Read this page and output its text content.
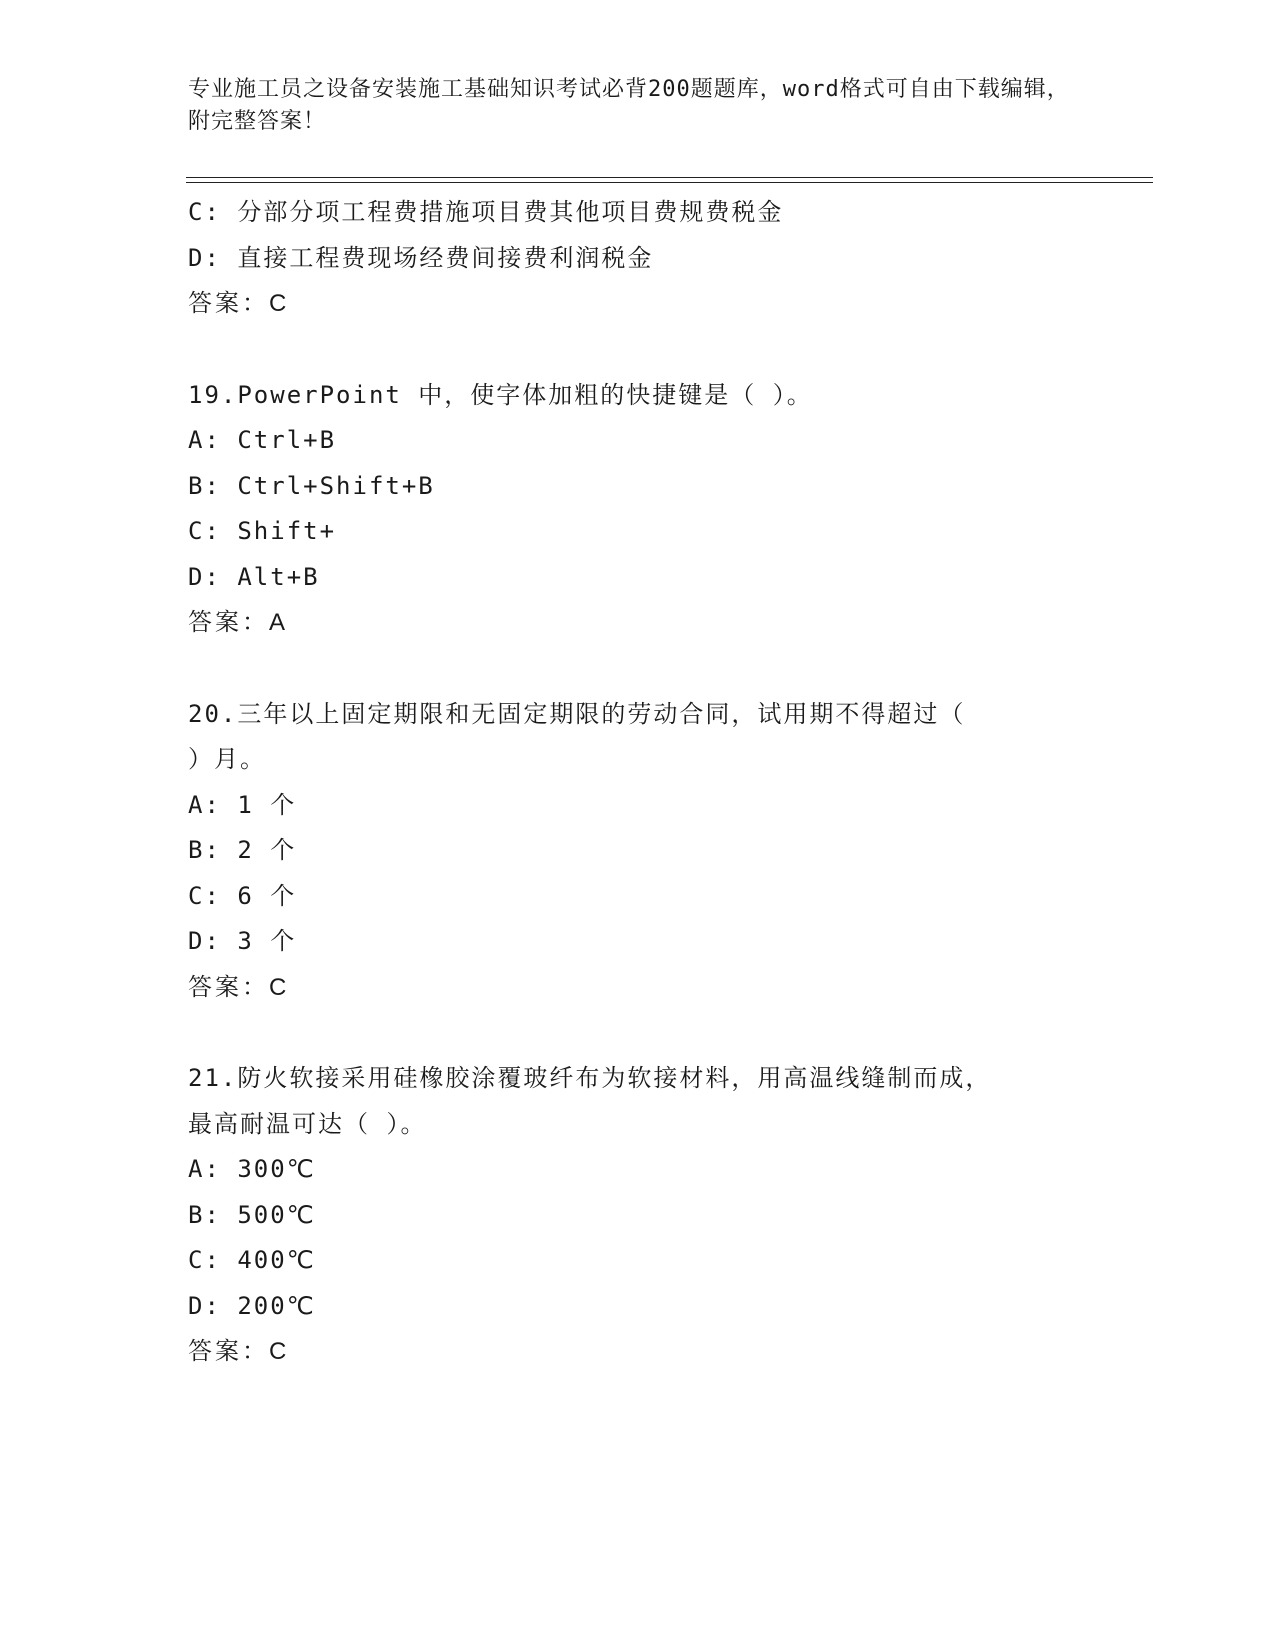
专业施工员之设备安装施工基础知识考试必背200题题库，word格式可自由下载编辑，附完整答案！
C: 分部分项工程费措施项目费其他项目费规费税金
D: 直接工程费现场经费间接费利润税金
答案：C
19.PowerPoint 中，使字体加粗的快捷键是（ ）。
A: Ctrl+B
B: Ctrl+Shift+B
C: Shift+
D: Alt+B
答案：A
20.三年以上固定期限和无固定期限的劳动合同，试用期不得超过（
）月。
A: 1 个
B: 2 个
C: 6 个
D: 3 个
答案：C
21.防火软接采用硅橡胶涂覆玻纤布为软接材料，用高温线缝制而成，
最高耐温可达（ ）。
A: 300℃
B: 500℃
C: 400℃
D: 200℃
答案：C
